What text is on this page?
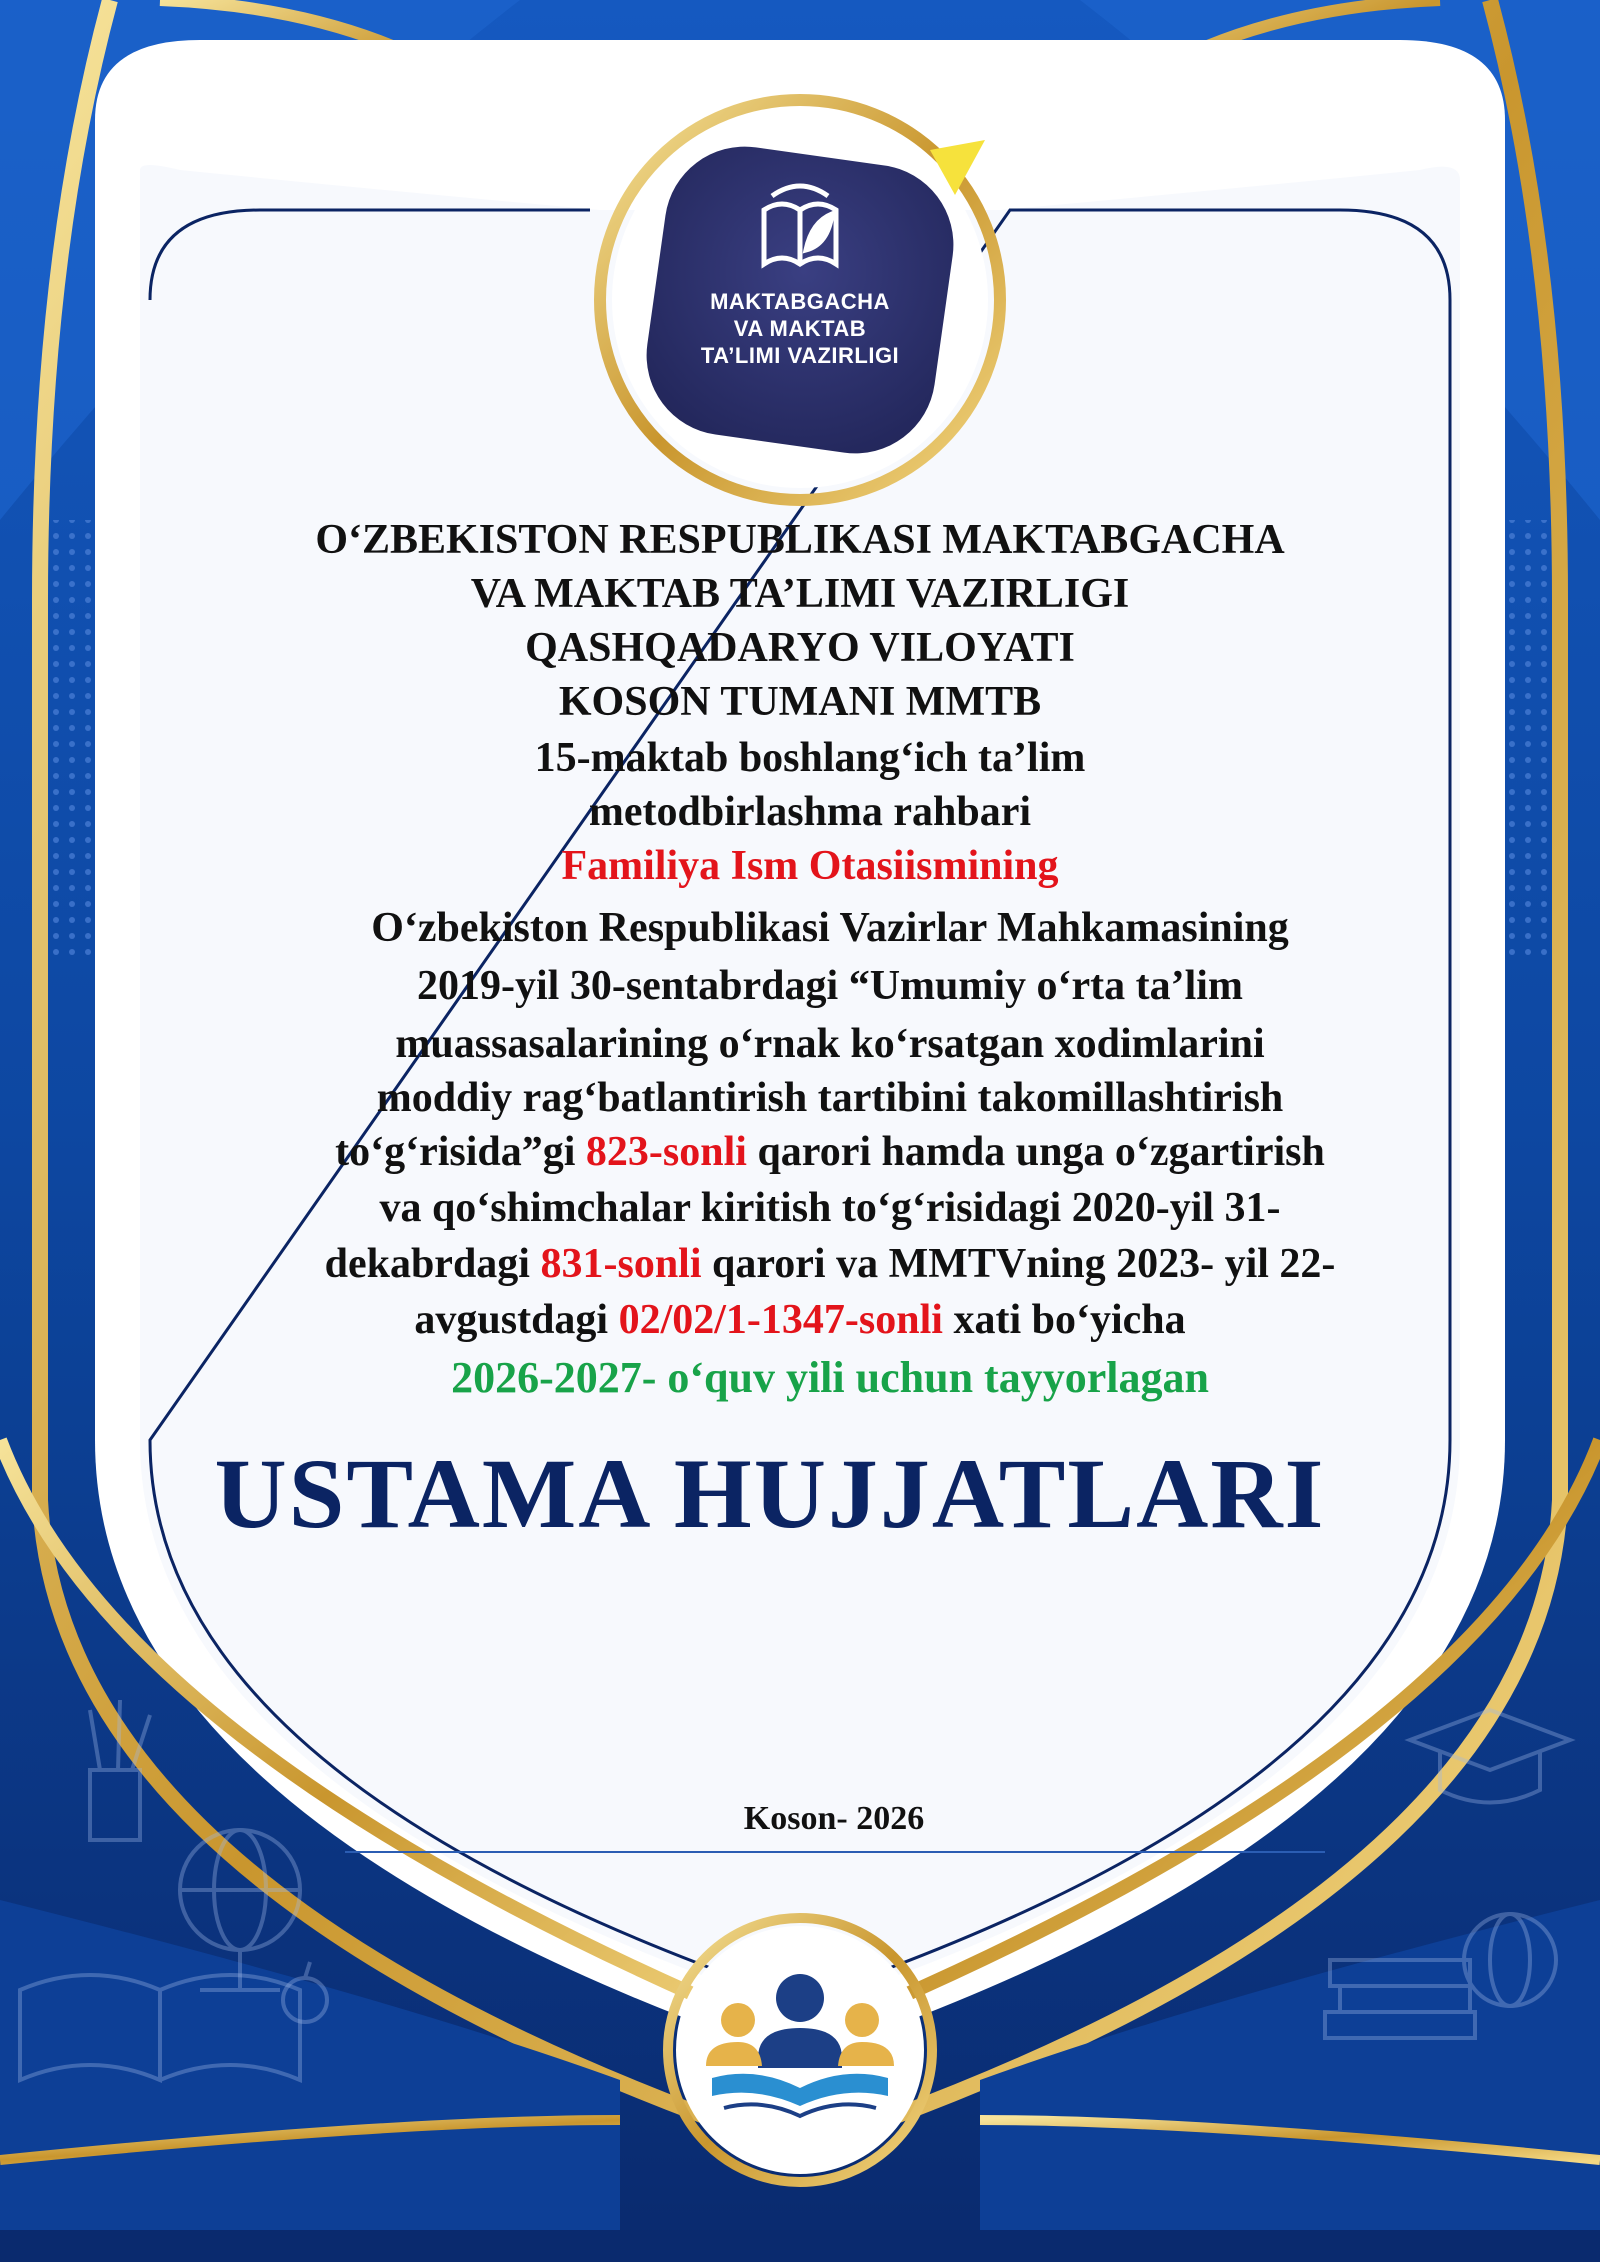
MAKTABGACHA
VA MAKTAB
TA’LIMI VAZIRLIGI
O‘ZBEKISTON RESPUBLIKASI MAKTABGACHA
VA MAKTAB TA’LIMI VAZIRLIGI
QASHQADARYO VILOYATI
KOSON TUMANI MMTB
15-maktab boshlang‘ich ta’lim
metodbirlashma rahbari
Familiya Ism Otasiismining
O‘zbekiston Respublikasi Vazirlar Mahkamasining
2019-yil 30-sentabrdagi “Umumiy o‘rta ta’lim
muassasalarining o‘rnak ko‘rsatgan xodimlarini
moddiy rag‘batlantirish tartibini takomillashtirish
to‘g‘risida”gi 823-sonli qarori hamda unga o‘zgartirish
va qo‘shimchalar kiritish to‘g‘risidagi 2020-yil 31-
dekabrdagi 831-sonli qarori va MMTVning 2023- yil 22-
avgustdagi 02/02/1-1347-sonli xati bo‘yicha
2026-2027- o‘quv yili uchun tayyorlagan
USTAMA HUJJATLARI
Koson- 2026
